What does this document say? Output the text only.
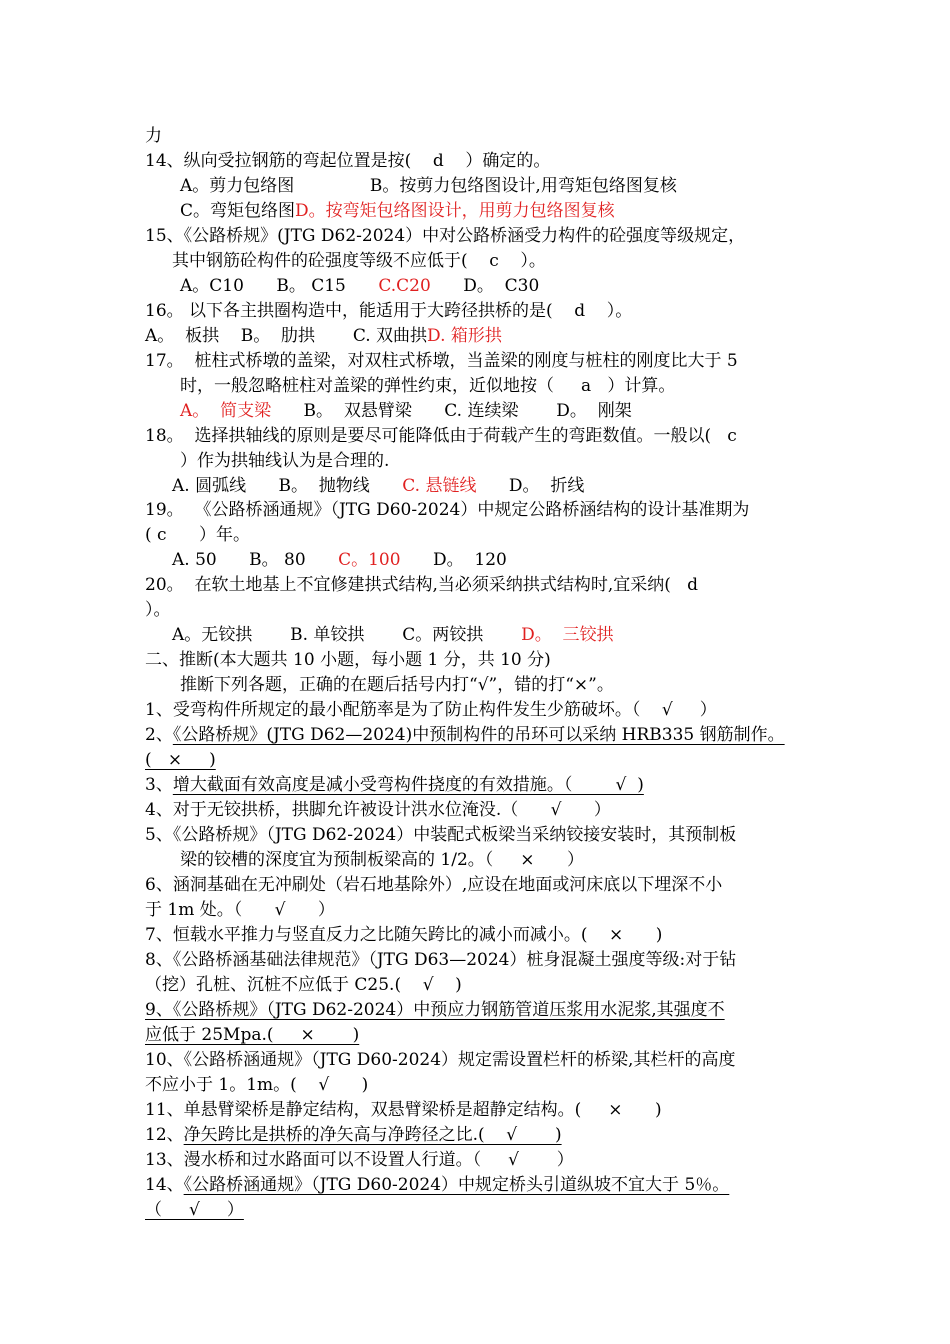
力
14、纵向受拉钢筋的弯起位置是按(    d    ）确定的。
A。剪力包络图              B。按剪力包络图设计,用弯矩包络图复核
C。弯矩包络图D。按弯矩包络图设计，用剪力包络图复核
15、《公路桥规》(JTG D62-2024）中对公路桥涵受力构件的砼强度等级规定，
其中钢筋砼构件的砼强度等级不应低于(    c    ）。
A。C10      B。 C15      C.C20      D。  C30
16。 以下各主拱圈构造中，能适用于大跨径拱桥的是(    d    ）。
A。  板拱    B。  肋拱       C. 双曲拱D. 箱形拱
17。  桩柱式桥墩的盖梁，对双柱式桥墩，当盖梁的刚度与桩柱的刚度比大于 5
时，一般忽略桩柱对盖梁的弹性约束，近似地按（     a   ）计算。
A。  简支梁      B。  双悬臂梁      C. 连续梁       D。  刚架
18。  选择拱轴线的原则是要尽可能降低由于荷载产生的弯距数值。一般以(   c
）作为拱轴线认为是合理的.
A. 圆弧线      B。  抛物线      C. 悬链线      D。  折线
19。  《公路桥涵通规》（JTG D60-2024）中规定公路桥涵结构的设计基准期为
( c      ）年。
A. 50      B。 80      C。100      D。  120
20。  在软土地基上不宜修建拱式结构,当必须采纳拱式结构时,宜采纳(   d
）。
A。无铰拱       B. 单铰拱       C。两铰拱       D。  三铰拱
二、推断(本大题共 10 小题，每小题 1 分，共 10 分)
推断下列各题，正确的在题后括号内打“√”，错的打“×”。
1、受弯构件所规定的最小配筋率是为了防止构件发生少筋破坏。（    √     ）
2、《公路桥规》(JTG D62—2024)中预制构件的吊环可以采纳 HRB335 钢筋制作。
(   ×     )
3、增大截面有效高度是减小受弯构件挠度的有效措施。（        √  )
4、对于无铰拱桥，拱脚允许被设计洪水位淹没.（      √      ）
5、《公路桥规》（JTG D62-2024）中装配式板梁当采纳铰接安装时，其预制板
梁的铰槽的深度宜为预制板梁高的 1/2。（     ×      ）
6、涵洞基础在无冲刷处（岩石地基除外）,应设在地面或河床底以下埋深不小
于 1m 处。（      √      ）
7、恒载水平推力与竖直反力之比随矢跨比的减小而减小。(    ×      )
8、《公路桥涵基础法律规范》（JTG D63—2024）桩身混凝土强度等级:对于钻
（挖）孔桩、沉桩不应低于 C25.(    √    )
9、《公路桥规》（JTG D62-2024）中预应力钢筋管道压浆用水泥浆,其强度不
应低于 25Mpa.(     ×       )
10、《公路桥涵通规》（JTG D60-2024）规定需设置栏杆的桥梁,其栏杆的高度
不应小于 1。1m。(    √      )
11、单悬臂梁桥是静定结构，双悬臂梁桥是超静定结构。(     ×      )
12、净矢跨比是拱桥的净矢高与净跨径之比.(    √       )
13、漫水桥和过水路面可以不设置人行道。（     √       ）
14、《公路桥涵通规》（JTG D60-2024）中规定桥头引道纵坡不宜大于 5％。
（     √     ）
